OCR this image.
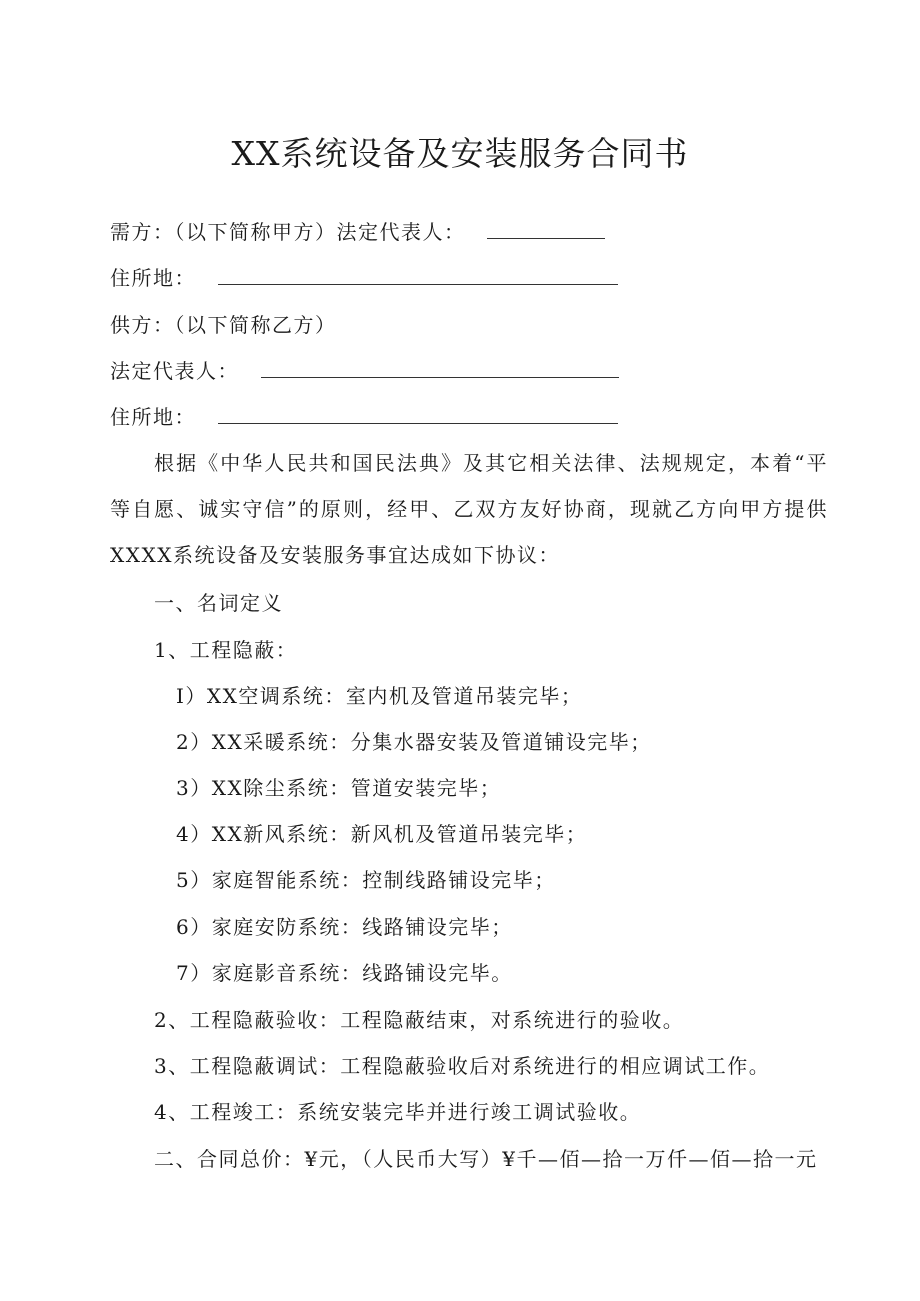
XX系统设备及安装服务合同书
需方：（以下简称甲方）法定代表人：
住所地：
供方：（以下简称乙方）
法定代表人：
住所地：
根据《中华人民共和国民法典》及其它相关法律、法规规定，本着“平等自愿、诚实守信”的原则，经甲、乙双方友好协商，现就乙方向甲方提供XXXX系统设备及安装服务事宜达成如下协议：
一、名词定义
1、工程隐蔽：
I）XX空调系统：室内机及管道吊装完毕；
2）XX采暖系统：分集水器安装及管道铺设完毕；
3）XX除尘系统：管道安装完毕；
4）XX新风系统：新风机及管道吊装完毕；
5）家庭智能系统：控制线路铺设完毕；
6）家庭安防系统：线路铺设完毕；
7）家庭影音系统：线路铺设完毕。
2、工程隐蔽验收：工程隐蔽结束，对系统进行的验收。
3、工程隐蔽调试：工程隐蔽验收后对系统进行的相应调试工作。
4、工程竣工：系统安装完毕并进行竣工调试验收。
二、合同总价：¥元，（人民币大写）¥千—佰—拾一万仟—佰—拾一元
